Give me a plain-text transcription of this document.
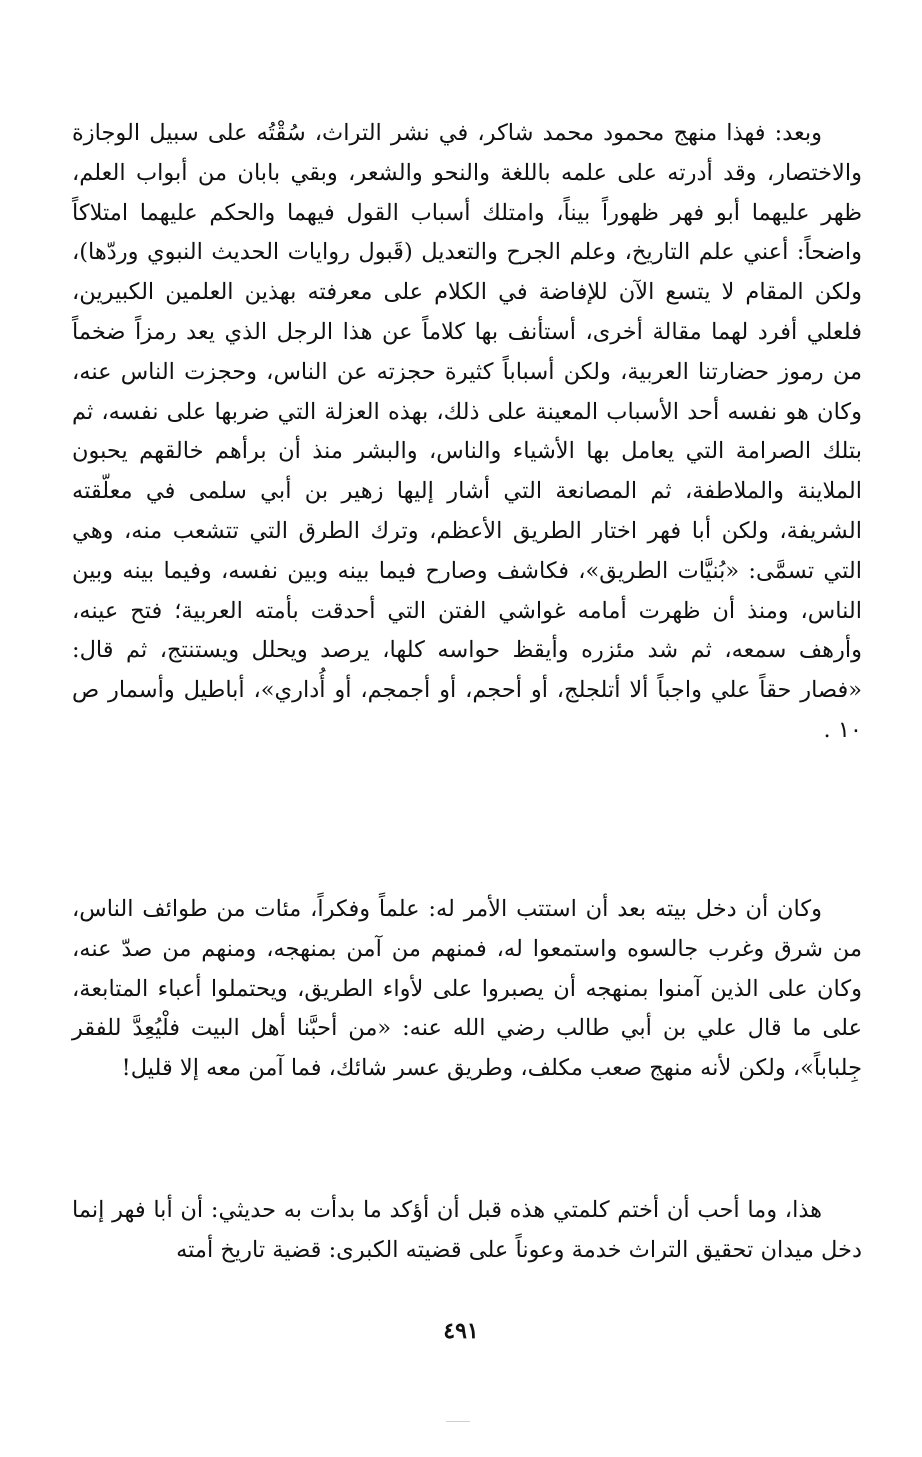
وبعد: فهذا منهج محمود محمد شاكر، في نشر التراث، سُقْتُه على سبيل الوجازة والاختصار، وقد أدرته على علمه باللغة والنحو والشعر، وبقي بابان من أبواب العلم، ظهر عليهما أبو فهر ظهوراً بيناً، وامتلك أسباب القول فيهما والحكم عليهما امتلاكاً واضحاً: أعني علم التاريخ، وعلم الجرح والتعديل (قَبول روايات الحديث النبوي وردّها)، ولكن المقام لا يتسع الآن للإفاضة في الكلام على معرفته بهذين العلمين الكبيرين، فلعلي أفرد لهما مقالة أخرى، أستأنف بها كلاماً عن هذا الرجل الذي يعد رمزاً ضخماً من رموز حضارتنا العربية، ولكن أسباباً كثيرة حجزته عن الناس، وحجزت الناس عنه، وكان هو نفسه أحد الأسباب المعينة على ذلك، بهذه العزلة التي ضربها على نفسه، ثم بتلك الصرامة التي يعامل بها الأشياء والناس، والبشر منذ أن برأهم خالقهم يحبون الملاينة والملاطفة، ثم المصانعة التي أشار إليها زهير بن أبي سلمى في معلّقته الشريفة، ولكن أبا فهر اختار الطريق الأعظم، وترك الطرق التي تتشعب منه، وهي التي تسمَّى: «بُنيَّات الطريق»، فكاشف وصارح فيما بينه وبين نفسه، وفيما بينه وبين الناس، ومنذ أن ظهرت أمامه غواشي الفتن التي أحدقت بأمته العربية؛ فتح عينه، وأرهف سمعه، ثم شد مئزره وأيقظ حواسه كلها، يرصد ويحلل ويستنتج، ثم قال: «فصار حقاً علي واجباً ألا أتلجلج، أو أحجم، أو أجمجم، أو أُداري»، أباطيل وأسمار ص ١٠ .

وكان أن دخل بيته بعد أن استتب الأمر له: علماً وفكراً، مئات من طوائف الناس، من شرق وغرب جالسوه واستمعوا له، فمنهم من آمن بمنهجه، ومنهم من صدّ عنه، وكان على الذين آمنوا بمنهجه أن يصبروا على لأواء الطريق، ويحتملوا أعباء المتابعة، على ما قال علي بن أبي طالب رضي الله عنه: «من أحبَّنا أهل البيت فلْيُعِدَّ للفقر جِلباباً»، ولكن لأنه منهج صعب مكلف، وطريق عسر شائك، فما آمن معه إلا قليل!

هذا، وما أحب أن أختم كلمتي هذه قبل أن أؤكد ما بدأت به حديثي: أن أبا فهر إنما دخل ميدان تحقيق التراث خدمة وعوناً على قضيته الكبرى: قضية تاريخ أمته

٤٩١
